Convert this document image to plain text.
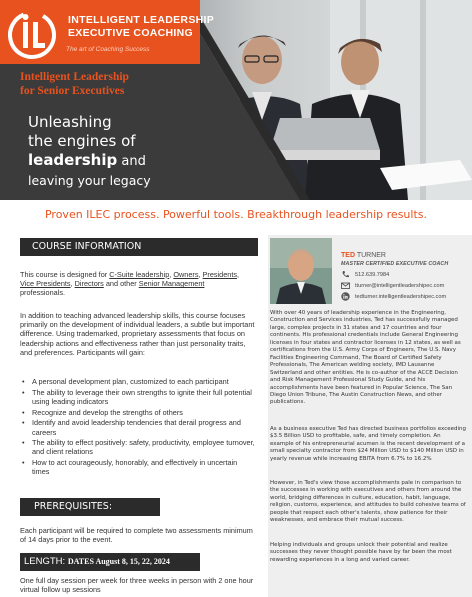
INTELLIGENT LEADERSHIP
EXECUTIVE COACHING
The art of Coaching Success
Intelligent Leadership
for Senior Executives
Unleashing
the engines of
leadership and
leaving your legacy
Proven ILEC process. Powerful tools. Breakthrough leadership results.
COURSE INFORMATION
This course is designed for C-Suite leadership, Owners, Presidents, Vice Presidents, Directors and other Senior Management professionals.
In addition to teaching advanced leadership skills, this course focuses primarily on the development of individual leaders, a subtle but important difference. Using trademarked, proprietary assessments that focus on leadership actions and effectiveness rather than just personality traits, and preferences. Participants will gain:
• A personal development plan, customized to each participant
• The ability to leverage their own strengths to ignite their full potential using leading indicators
• Recognize and develop the strengths of others
• Identify and avoid leadership tendencies that derail progress and careers
• The ability to effect positively: safety, productivity, employee turnover, and client relations
• How to act courageously, honorably, and effectively in uncertain times
PREREQUISITES:
Each participant will be required to complete two assessments minimum of 14 days prior to the event.
LENGTH: DATES August 8, 15, 22, 2024
One full day session per week for three weeks in person with 2 one hour virtual follow up sessions
TED TURNER
MASTER CERTIFIED EXECUTIVE COACH
512.639.7984
tturner@intelligentleadershipec.com
tedturner.intelligentleadershipec.com
With over 40 years of leadership experience in the Engineering, Construction and Services industries, Ted has successfully managed large, complex projects in 31 states and 17 countries and four continents. His professional credentials include General Engineering licenses in four states and contractor licenses in 12 states, as well as certifications from the U.S. Army Corps of Engineers, The U.S. Navy Facilities Engineering Command, The Board of Certified Safety Professionals, The American welding society, IMD Lausanne Switzerland and other entities. He is co-author of the ACCE Decision and Risk Management Professional Study Guide, and his accomplishments have been featured in Popular Science, The San Diego Union Tribune, The Austin Construction News, and other publications.
As a business executive Ted has directed business portfolios exceeding $3.5 Billion USD to profitable, safe, and timely completion. An example of his entrepreneurial acumen is the recent development of a small specialty contractor from $24 Million USD to $140 Million USD in yearly revenue while increasing EBITA from 6.7% to 16.2%
However, in Ted's view those accomplishments pale in comparison to the successes in working with executives and others from around the world, bridging differences in culture, education, habit, language, religion, customs, experience, and attitudes to build cohesive teams of people that respect each other's talents, show patience for their weaknesses, and embrace their mutual success.
Helping individuals and groups unlock their potential and realize successes they never thought possible have by far been the most rewarding experiences in a long and varied career.
